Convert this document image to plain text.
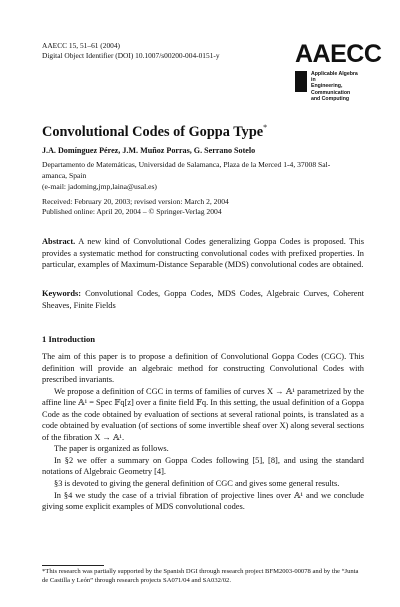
AAECC 15, 51–61 (2004)
Digital Object Identifier (DOI) 10.1007/s00200-004-0151-y	AAECC
Applicable Algebra in
Engineering, Communication
and Computing
Convolutional Codes of Goppa Type*
J.A. Domínguez Pérez, J.M. Muñoz Porras, G. Serrano Sotelo
Departamento de Matemáticas, Universidad de Salamanca, Plaza de la Merced 1-4, 37008 Sal-
amanca, Spain
(e-mail: jadoming,jmp,laina@usal.es)
Received: February 20, 2003; revised version: March 2, 2004
Published online: April 20, 2004 – © Springer-Verlag 2004
Abstract. A new kind of Convolutional Codes generalizing Goppa Codes is proposed. This provides a systematic method for constructing convolutional codes with prefixed properties. In particular, examples of Maximum-Distance Separable (MDS) convolutional codes are obtained.
Keywords: Convolutional Codes, Goppa Codes, MDS Codes, Algebraic Curves, Coherent Sheaves, Finite Fields
1 Introduction

The aim of this paper is to propose a definition of Convolutional Goppa Codes (CGC). This definition will provide an algebraic method for constructing Convolutional Codes with prescribed invariants.

We propose a definition of CGC in terms of families of curves X → 𝔸¹ parametrized by the affine line 𝔸¹ = Spec 𝔽q[z] over a finite field 𝔽q. In this setting, the usual definition of a Goppa Code as the code obtained by evaluation of sections at several rational points, is translated as a code obtained by evaluation (of sections of some invertible sheaf over X) along several sections of the fibration X → 𝔸¹.

The paper is organized as follows.

In §2 we offer a summary on Goppa Codes following [5], [8], and using the standard notations of Algebraic Geometry [4].

§3 is devoted to giving the general definition of CGC and gives some general results.

In §4 we study the case of a trivial fibration of projective lines over 𝔸¹ and we conclude giving some explicit examples of MDS convolutional codes.

*This research was partially supported by the Spanish DGI through research project BFM2003-00078 and by the “Junta de Castilla y León” through research projects SA071/04 and SA032/02.
